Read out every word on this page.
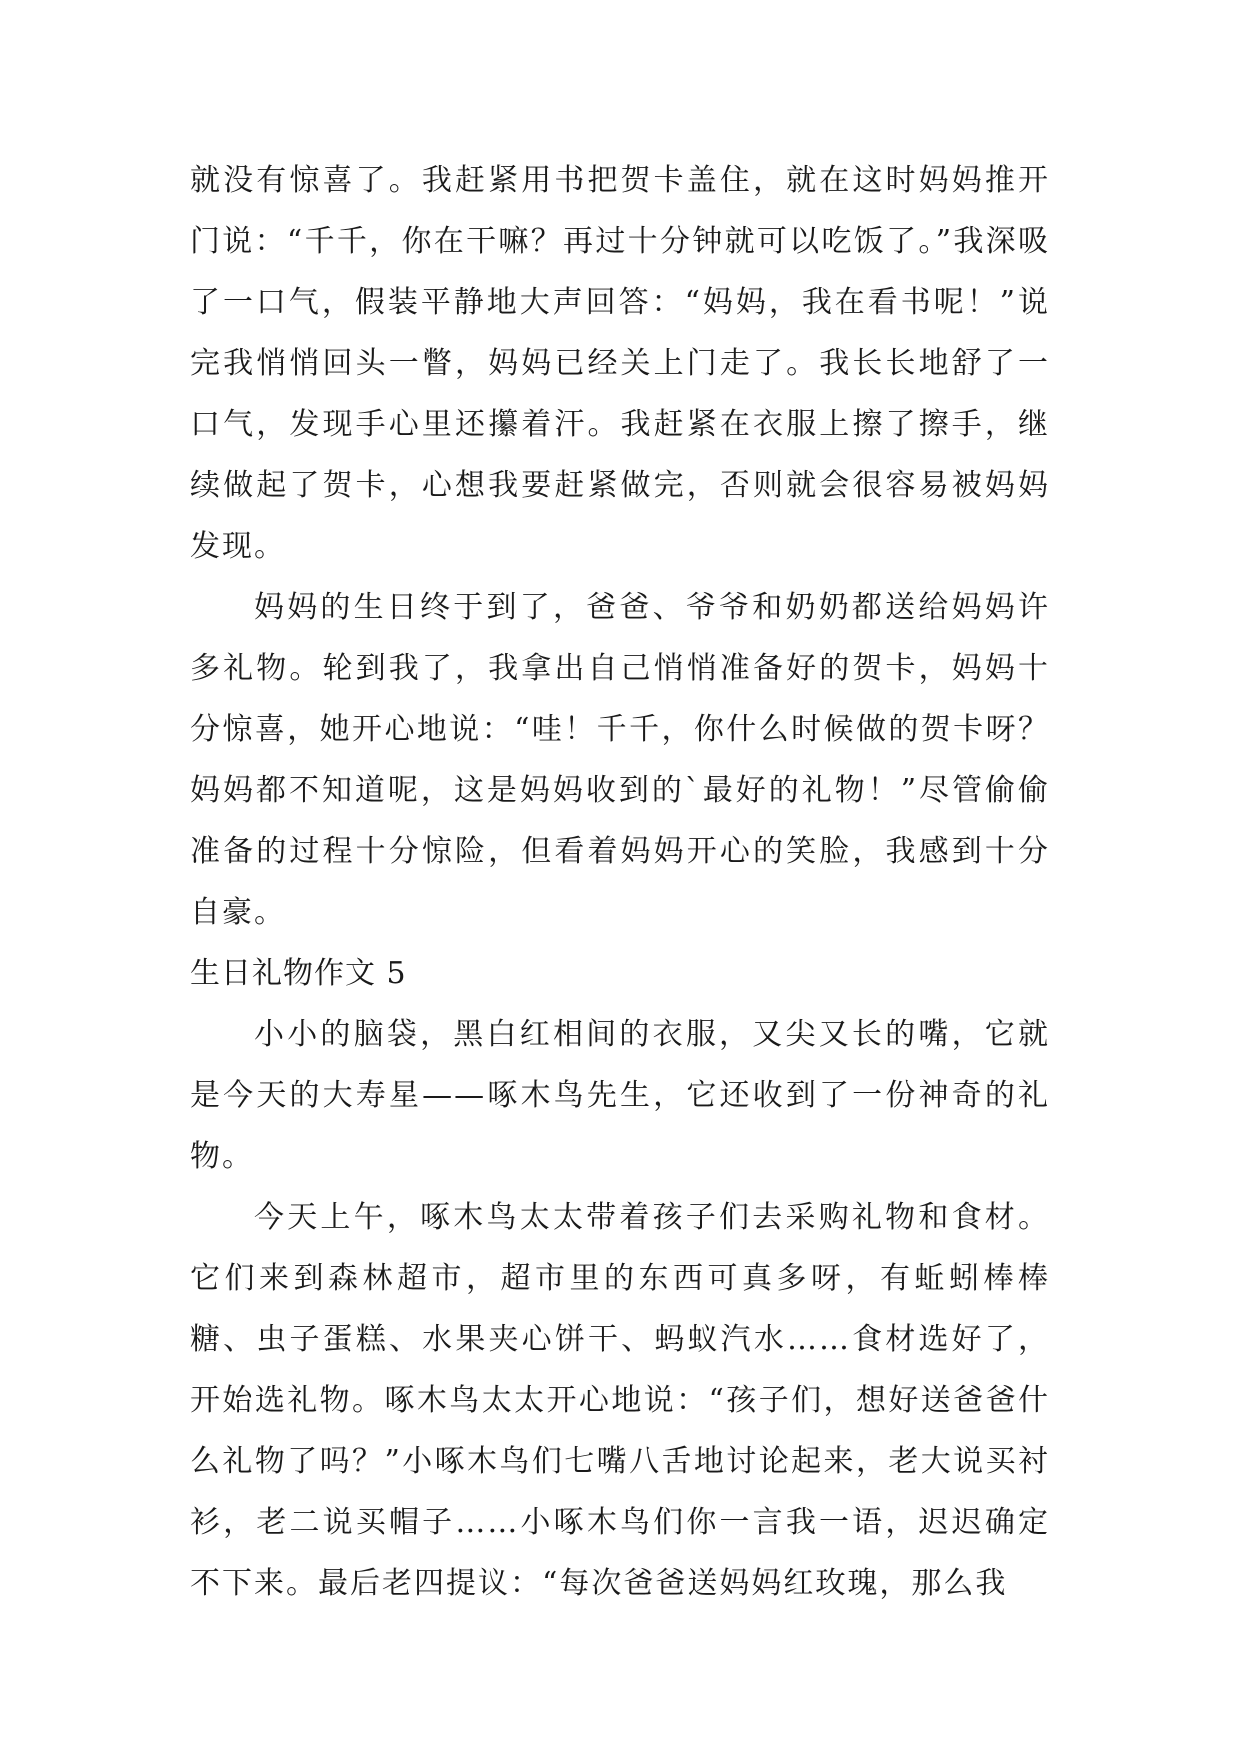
就没有惊喜了。我赶紧用书把贺卡盖住，就在这时妈妈推开门说：“千千，你在干嘛？再过十分钟就可以吃饭了。”我深吸了一口气，假装平静地大声回答：“妈妈，我在看书呢！”说完我悄悄回头一瞥，妈妈已经关上门走了。我长长地舒了一口气，发现手心里还攥着汗。我赶紧在衣服上擦了擦手，继续做起了贺卡，心想我要赶紧做完，否则就会很容易被妈妈发现。

妈妈的生日终于到了，爸爸、爷爷和奶奶都送给妈妈许多礼物。轮到我了，我拿出自己悄悄准备好的贺卡，妈妈十分惊喜，她开心地说：“哇！千千，你什么时候做的贺卡呀？妈妈都不知道呢，这是妈妈收到的`最好的礼物！”尽管偷偷准备的过程十分惊险，但看着妈妈开心的笑脸，我感到十分自豪。

生日礼物作文 5

小小的脑袋，黑白红相间的衣服，又尖又长的嘴，它就是今天的大寿星——啄木鸟先生，它还收到了一份神奇的礼物。

今天上午，啄木鸟太太带着孩子们去采购礼物和食材。它们来到森林超市，超市里的东西可真多呀，有蚯蚓棒棒糖、虫子蛋糕、水果夹心饼干、蚂蚁汽水……食材选好了，开始选礼物。啄木鸟太太开心地说：“孩子们，想好送爸爸什么礼物了吗？”小啄木鸟们七嘴八舌地讨论起来，老大说买衬衫，老二说买帽子……小啄木鸟们你一言我一语，迟迟确定不下来。最后老四提议：“每次爸爸送妈妈红玫瑰，那么我
